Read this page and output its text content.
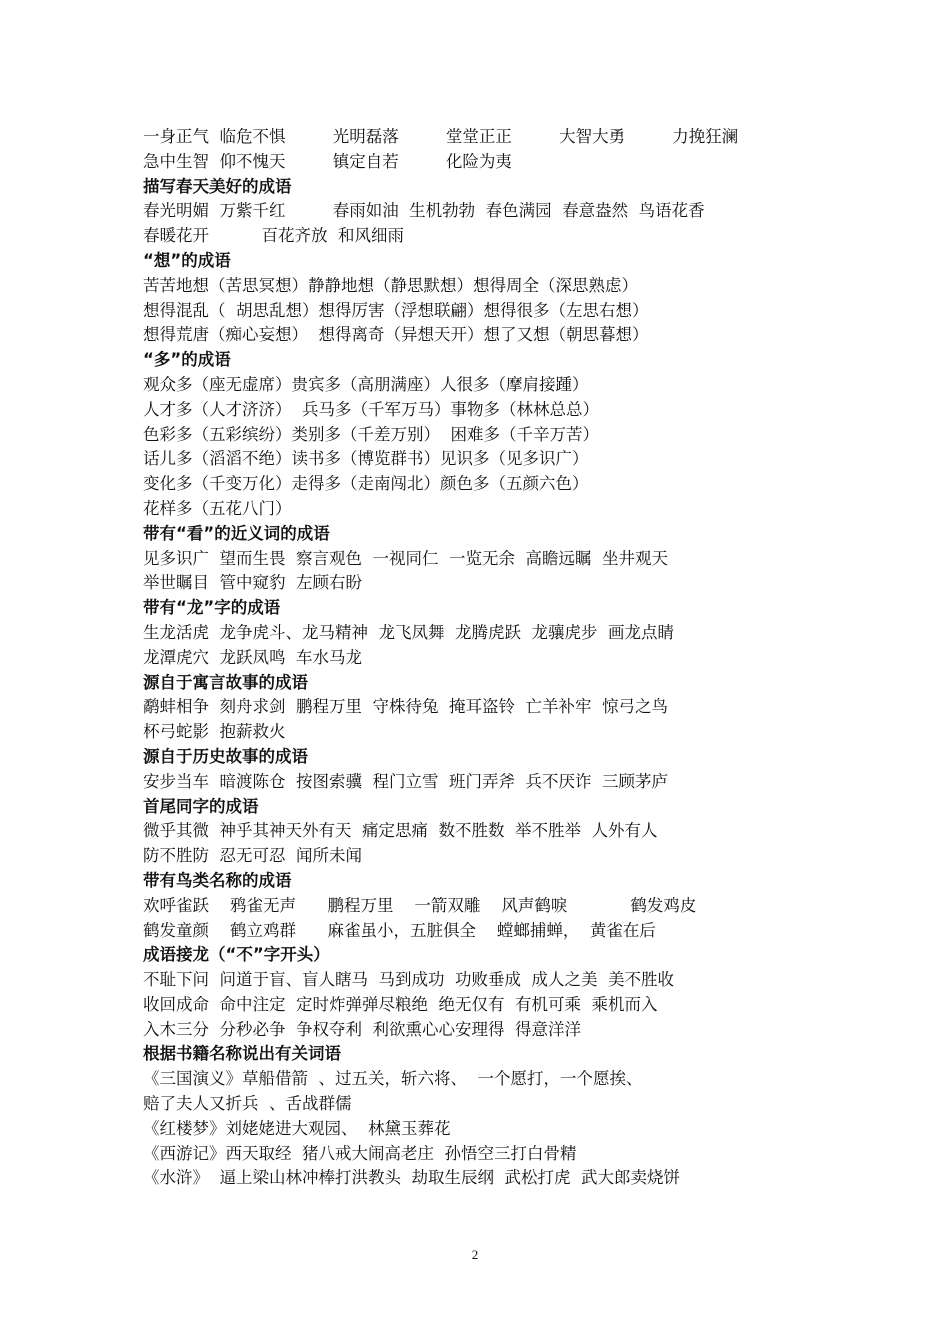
一身正气  临危不惧         光明磊落         堂堂正正         大智大勇         力挽狂澜
急中生智  仰不愧天         镇定自若         化险为夷
描写春天美好的成语
春光明媚  万紫千红         春雨如油  生机勃勃  春色满园  春意盎然  鸟语花香
春暖花开          百花齐放  和风细雨
“想”的成语
苦苦地想（苦思冥想）静静地想（静思默想）想得周全（深思熟虑）
想得混乱（  胡思乱想）想得厉害（浮想联翩）想得很多（左思右想）
想得荒唐（痴心妄想）  想得离奇（异想天开）想了又想（朝思暮想）
“多”的成语
观众多（座无虚席）贵宾多（高朋满座）人很多（摩肩接踵）
人才多（人才济济）  兵马多（千军万马）事物多（林林总总）
色彩多（五彩缤纷）类别多（千差万别）  困难多（千辛万苦）
话儿多（滔滔不绝）读书多（博览群书）见识多（见多识广）
变化多（千变万化）走得多（走南闯北）颜色多（五颜六色）
花样多（五花八门）
带有“看”的近义词的成语
见多识广  望而生畏  察言观色  一视同仁  一览无余  高瞻远瞩  坐井观天
举世瞩目  管中窥豹  左顾右盼
带有“龙”字的成语
生龙活虎  龙争虎斗、龙马精神  龙飞凤舞  龙腾虎跃  龙骧虎步  画龙点睛
龙潭虎穴  龙跃凤鸣  车水马龙
源自于寓言故事的成语
鹬蚌相争  刻舟求剑  鹏程万里  守株待兔  掩耳盗铃  亡羊补牢  惊弓之鸟
杯弓蛇影  抱薪救火
源自于历史故事的成语
安步当车  暗渡陈仓  按图索骥  程门立雪  班门弄斧  兵不厌诈  三顾茅庐
首尾同字的成语
微乎其微  神乎其神天外有天  痛定思痛  数不胜数  举不胜举  人外有人
防不胜防  忍无可忍  闻所未闻
带有鸟类名称的成语
欢呼雀跃    鸦雀无声      鹏程万里    一箭双雕    风声鹤唳            鹤发鸡皮
鹤发童颜    鹤立鸡群      麻雀虽小，五脏俱全    螳螂捕蝉，  黄雀在后
成语接龙（“不”字开头）
不耻下问  问道于盲、盲人瞎马  马到成功  功败垂成  成人之美  美不胜收
收回成命  命中注定  定时炸弹弹尽粮绝  绝无仅有  有机可乘  乘机而入
入木三分  分秒必争  争权夺利  利欲熏心心安理得  得意洋洋
根据书籍名称说出有关词语
《三国演义》草船借箭  、过五关，斩六将、  一个愿打，一个愿挨、
赔了夫人又折兵  、舌战群儒
《红楼梦》刘姥姥进大观园、  林黛玉葬花
《西游记》西天取经  猪八戒大闹高老庄  孙悟空三打白骨精
《水浒》  逼上梁山林冲棒打洪教头  劫取生辰纲  武松打虎  武大郎卖烧饼
2
